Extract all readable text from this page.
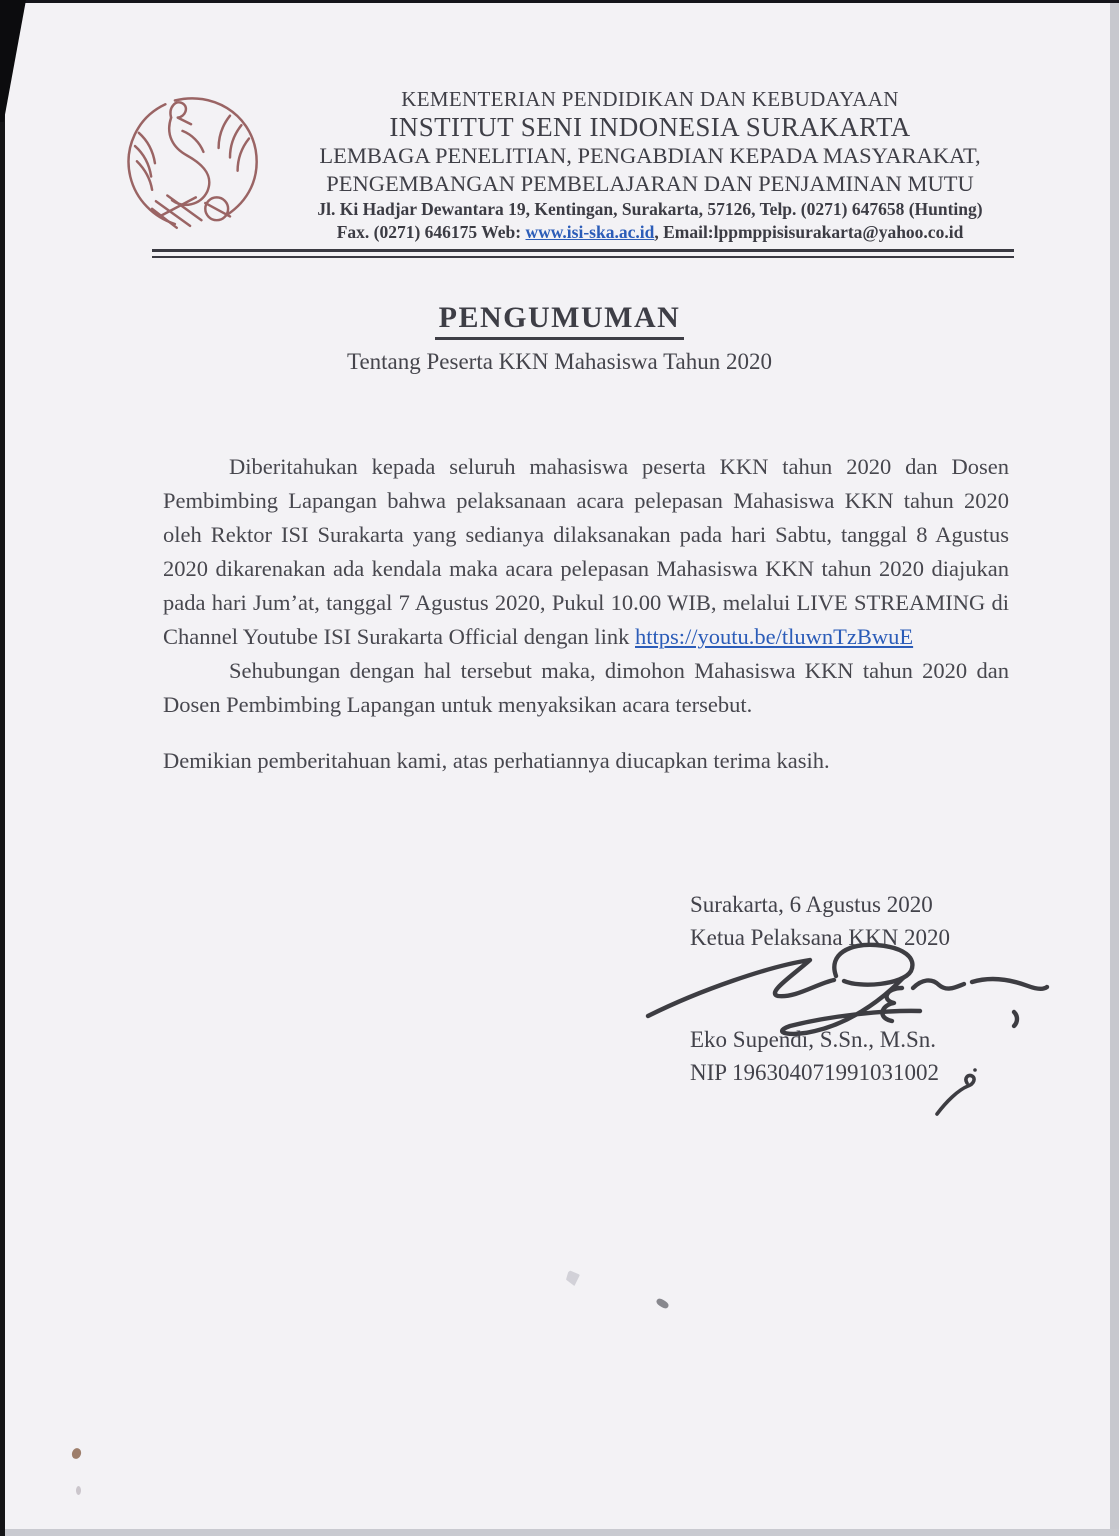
KEMENTERIAN PENDIDIKAN DAN KEBUDAYAAN
INSTITUT SENI INDONESIA SURAKARTA
LEMBAGA PENELITIAN, PENGABDIAN KEPADA MASYARAKAT,
PENGEMBANGAN PEMBELAJARAN DAN PENJAMINAN MUTU
Jl. Ki Hadjar Dewantara 19, Kentingan, Surakarta, 57126, Telp. (0271) 647658 (Hunting)
Fax. (0271) 646175 Web: www.isi-ska.ac.id, Email:lppmppisisurakarta@yahoo.co.id
PENGUMUMAN
Tentang Peserta KKN Mahasiswa Tahun 2020

Diberitahukan kepada seluruh mahasiswa peserta KKN tahun 2020 dan Dosen Pembimbing Lapangan bahwa pelaksanaan acara pelepasan Mahasiswa KKN tahun 2020 oleh Rektor ISI Surakarta yang sedianya dilaksanakan pada hari Sabtu, tanggal 8 Agustus 2020 dikarenakan ada kendala maka acara pelepasan Mahasiswa KKN tahun 2020 diajukan pada hari Jum’at, tanggal 7 Agustus 2020, Pukul 10.00 WIB, melalui LIVE STREAMING di Channel Youtube ISI Surakarta Official dengan link https://youtu.be/tluwnTzBwuE

Sehubungan dengan hal tersebut maka, dimohon Mahasiswa KKN tahun 2020 dan Dosen Pembimbing Lapangan untuk menyaksikan acara tersebut.

Demikian pemberitahuan kami, atas perhatiannya diucapkan terima kasih.

Surakarta, 6 Agustus 2020
Ketua Pelaksana KKN 2020
Eko Supendi, S.Sn., M.Sn.
NIP 196304071991031002
